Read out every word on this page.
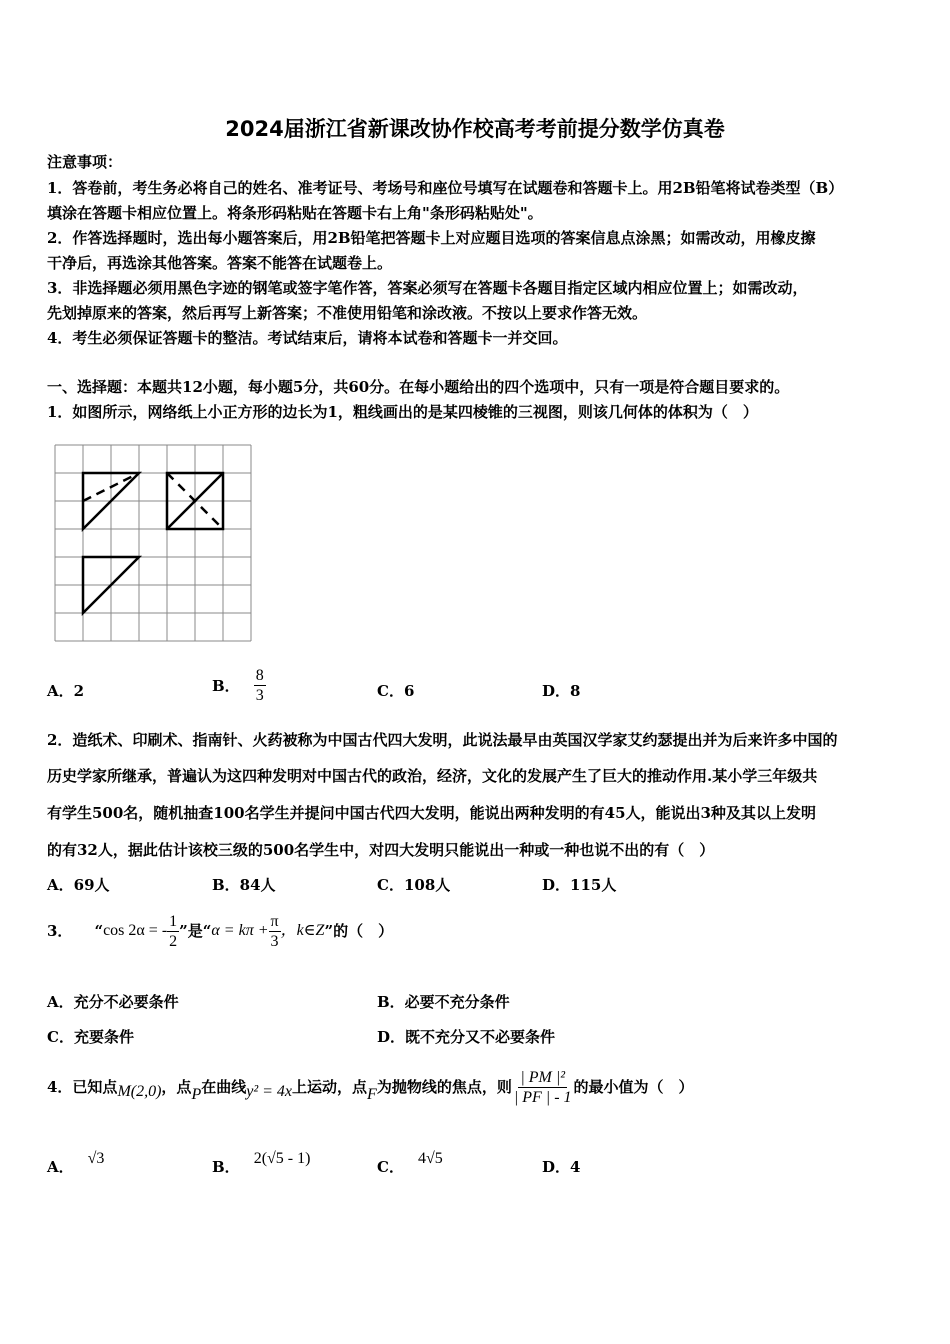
2024届浙江省新课改协作校高考考前提分数学仿真卷
注意事项：
1．答卷前，考生务必将自己的姓名、准考证号、考场号和座位号填写在试题卷和答题卡上。用2B铅笔将试卷类型（B）
填涂在答题卡相应位置上。将条形码粘贴在答题卡右上角"条形码粘贴处"。
2．作答选择题时，选出每小题答案后，用2B铅笔把答题卡上对应题目选项的答案信息点涂黑；如需改动，用橡皮擦
干净后，再选涂其他答案。答案不能答在试题卷上。
3．非选择题必须用黑色字迹的钢笔或签字笔作答，答案必须写在答题卡各题目指定区域内相应位置上；如需改动，
先划掉原来的答案，然后再写上新答案；不准使用铅笔和涂改液。不按以上要求作答无效。
4．考生必须保证答题卡的整洁。考试结束后，请将本试卷和答题卡一并交回。
一、选择题：本题共12小题，每小题5分，共60分。在每小题给出的四个选项中，只有一项是符合题目要求的。
1．如图所示，网络纸上小正方形的边长为1，粗线画出的是某四棱锥的三视图，则该几何体的体积为（　）
A．2	B． $\frac{8}{3}$	C．6	D．8
2．造纸术、印刷术、指南针、火药被称为中国古代四大发明，此说法最早由英国汉学家艾约瑟提出并为后来许多中国的
历史学家所继承，普遍认为这四种发明对中国古代的政治，经济，文化的发展产生了巨大的推动作用.某小学三年级共
有学生500名，随机抽查100名学生并提问中国古代四大发明，能说出两种发明的有45人，能说出3种及其以上发明
的有32人，据此估计该校三级的500名学生中，对四大发明只能说出一种或一种也说不出的有（　）
A．69人	B．84人	C．108人	D．115人
3． “ cos 2α = - $\frac{1}{2}$ ”是“ $\alpha = k\pi + \frac{\pi}{3}$ ，k∈Z ”的（　）
A．充分不必要条件	B．必要不充分条件
C．充要条件	D．既不充分又不必要条件
4．已知点 M(2,0) ，点 P 在曲线 y² = 4x 上运动，点 F 为抛物线的焦点，则 $\frac{\text{| PM |²}}{| PF | - 1}$ 的最小值为（　）
A． √3	B． 2(√5 - 1)	C． 4√5	D．4
